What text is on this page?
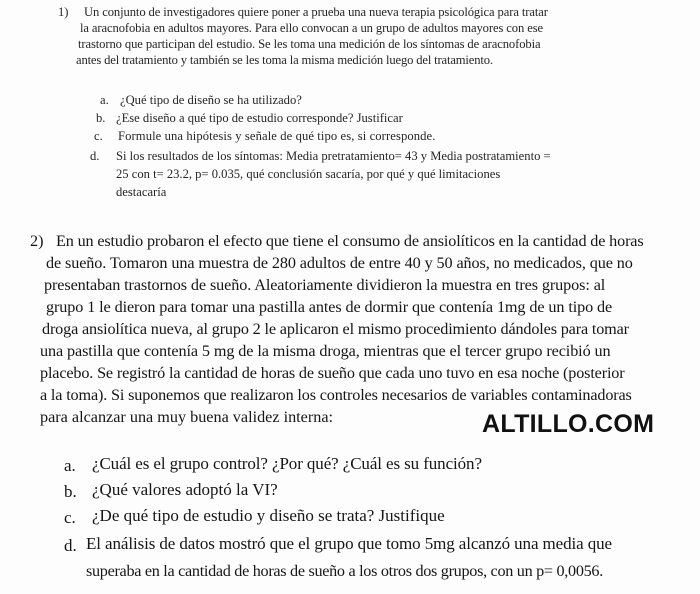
1) Un conjunto de investigadores quiere poner a prueba una nueva terapia psicológica para tratar
la aracnofobia en adultos mayores. Para ello convocan a un grupo de adultos mayores con ese
trastorno que participan del estudio. Se les toma una medición de los síntomas de aracnofobia
antes del tratamiento y también se les toma la misma medición luego del tratamiento.
a. ¿Qué tipo de diseño se ha utilizado?
b. ¿Ese diseño a qué tipo de estudio corresponde? Justificar
c. Formule una hipótesis y señale de qué tipo es, si corresponde.
d. Si los resultados de los síntomas: Media pretratamiento= 43 y Media postratamiento =
25 con t= 23.2, p= 0.035, qué conclusión sacaría, por qué y qué limitaciones
destacaría
2) En un estudio probaron el efecto que tiene el consumo de ansiolíticos en la cantidad de horas
de sueño. Tomaron una muestra de 280 adultos de entre 40 y 50 años, no medicados, que no
presentaban trastornos de sueño. Aleatoriamente dividieron la muestra en tres grupos: al
grupo 1 le dieron para tomar una pastilla antes de dormir que contenía 1mg de un tipo de
droga ansiolítica nueva, al grupo 2 le aplicaron el mismo procedimiento dándoles para tomar
una pastilla que contenía 5 mg de la misma droga, mientras que el tercer grupo recibió un
placebo. Se registró la cantidad de horas de sueño que cada uno tuvo en esa noche (posterior
a la toma). Si suponemos que realizaron los controles necesarios de variables contaminadoras
para alcanzar una muy buena validez interna:
a. ¿Cuál es el grupo control? ¿Por qué? ¿Cuál es su función?
b. ¿Qué valores adoptó la VI?
c. ¿De qué tipo de estudio y diseño se trata? Justifique
d. El análisis de datos mostró que el grupo que tomo 5mg alcanzó una media que
superaba en la cantidad de horas de sueño a los otros dos grupos, con un p= 0,0056.
ALTILLO.COM
